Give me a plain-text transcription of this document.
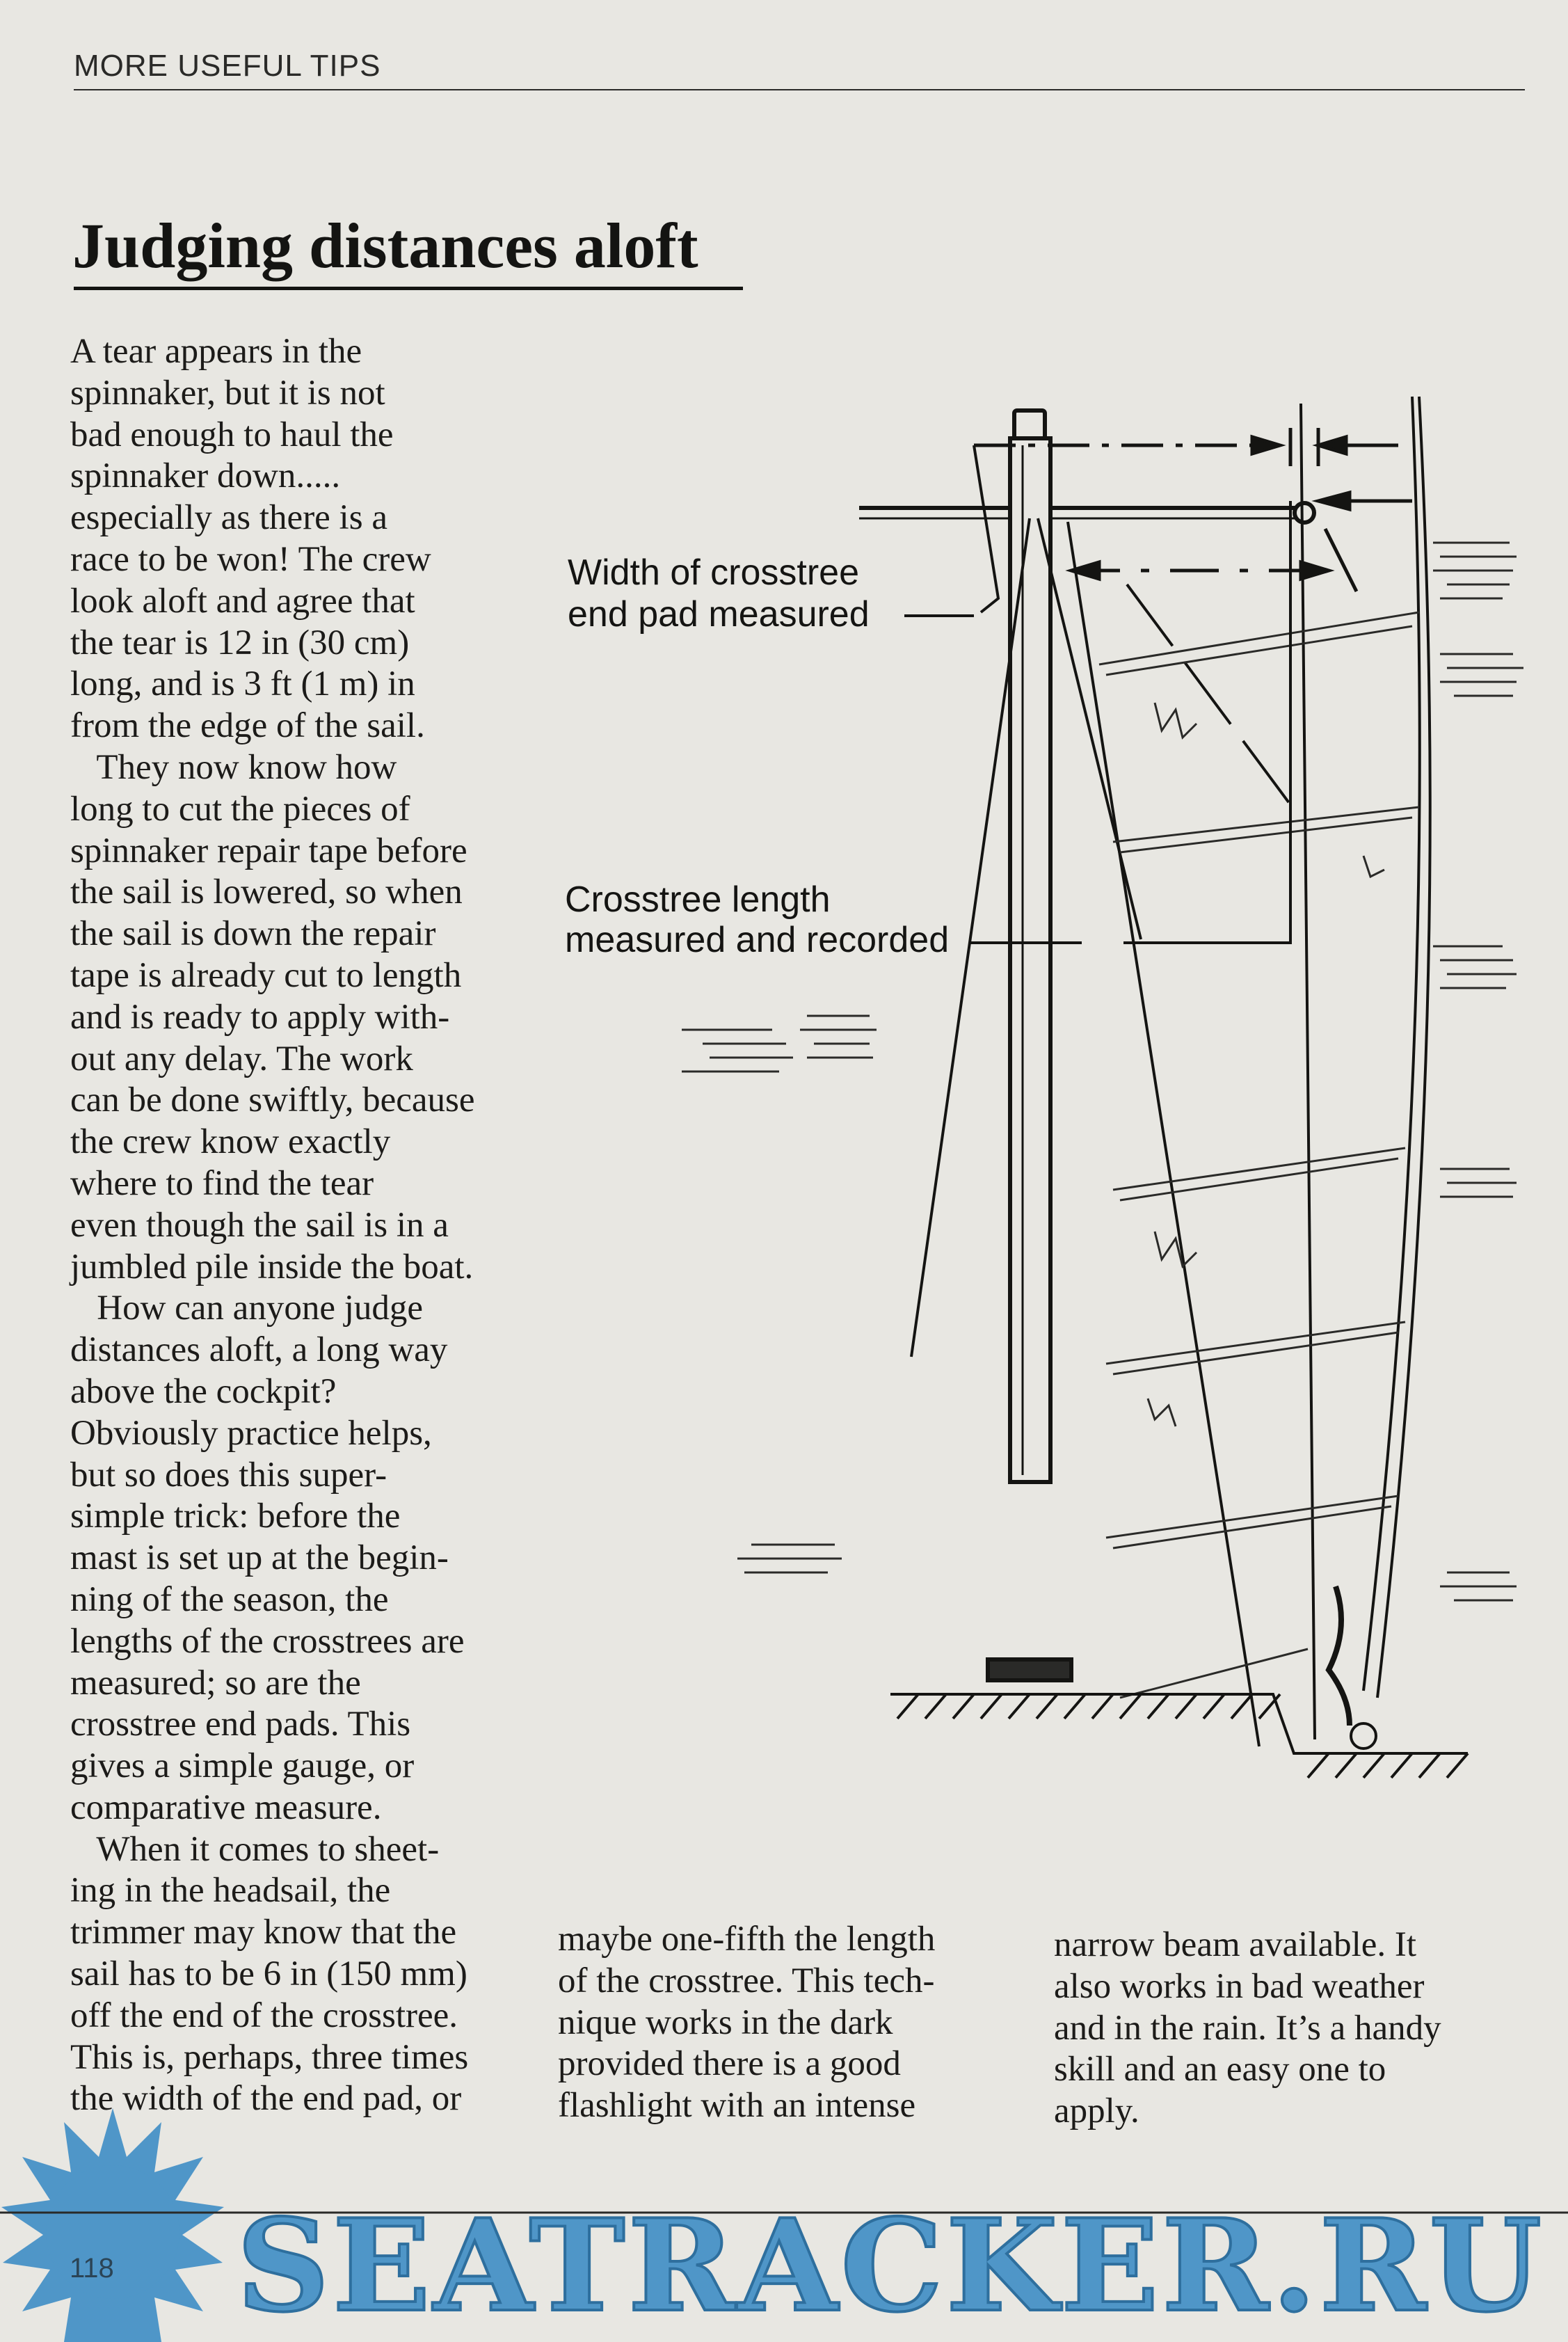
MORE USEFUL TIPS
Judging distances aloft

A tear appears in the
spinnaker, but it is not
bad enough to haul the
spinnaker down.....
especially as there is a
race to be won! The crew
look aloft and agree that
the tear is 12 in (30 cm)
long, and is 3 ft (1 m) in
from the edge of the sail.
They now know how
long to cut the pieces of
spinnaker repair tape before
the sail is lowered, so when
the sail is down the repair
tape is already cut to length
and is ready to apply with-
out any delay. The work
can be done swiftly, because
the crew know exactly
where to find the tear
even though the sail is in a
jumbled pile inside the boat.
How can anyone judge
distances aloft, a long way
above the cockpit?
Obviously practice helps,
but so does this super-
simple trick: before the
mast is set up at the begin-
ning of the season, the
lengths of the crosstrees are
measured; so are the
crosstree end pads. This
gives a simple gauge, or
comparative measure.
When it comes to sheet-
ing in the headsail, the
trimmer may know that the
sail has to be 6 in (150 mm)
off the end of the crosstree.
This is, perhaps, three times
the width of the end pad, or

maybe one-fifth the length
of the crosstree. This tech-
nique works in the dark
provided there is a good
flashlight with an intense

narrow beam available. It
also works in bad weather
and in the rain. It’s a handy
skill and an easy one to
apply.

Width of crosstree
end pad measured
Crosstree length
measured and recorded
SEATRACKER.RU
118
